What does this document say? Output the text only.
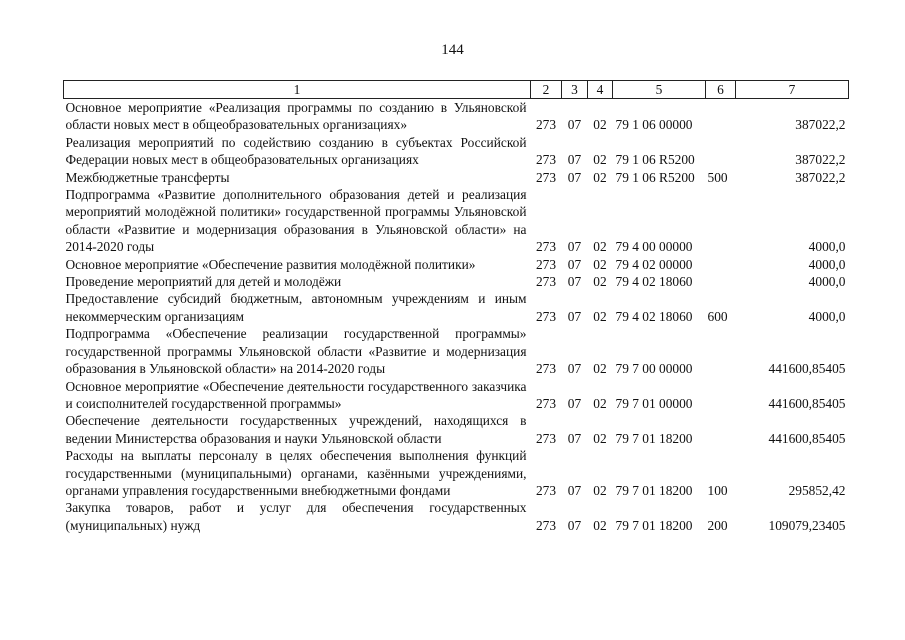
144
1	2	3	4	5	6	7
Основное мероприятие «Реализация программы по созданию в Ульяновской области новых мест в общеобразовательных организациях»	273	07	02	79 1 06 00000		387022,2
Реализация мероприятий по содействию созданию в субъектах Российской Федерации новых мест в общеобразовательных организациях	273	07	02	79 1 06 R5200		387022,2
Межбюджетные трансферты	273	07	02	79 1 06 R5200	500	387022,2
Подпрограмма «Развитие дополнительного образования детей и реализация мероприятий молодёжной политики» государственной программы Ульяновской области «Развитие и модернизация образования в Ульяновской области» на 2014-2020 годы	273	07	02	79 4 00 00000		4000,0
Основное мероприятие «Обеспечение развития молодёжной политики»	273	07	02	79 4 02 00000		4000,0
Проведение мероприятий для детей и молодёжи	273	07	02	79 4 02 18060		4000,0
Предоставление субсидий бюджетным, автономным учреждениям и иным некоммерческим организациям	273	07	02	79 4 02 18060	600	4000,0
Подпрограмма «Обеспечение реализации государственной программы» государственной программы Ульяновской области «Развитие и модернизация образования в Ульяновской области» на 2014-2020 годы	273	07	02	79 7 00 00000		441600,85405
Основное мероприятие «Обеспечение деятельности государственного заказчика и соисполнителей государственной программы»	273	07	02	79 7 01 00000		441600,85405
Обеспечение деятельности государственных учреждений, находящихся в ведении Министерства образования и науки Ульяновской области	273	07	02	79 7 01 18200		441600,85405
Расходы на выплаты персоналу в целях обеспечения выполнения функций государственными (муниципальными) органами, казёнными учреждениями, органами управления государственными внебюджетными фондами	273	07	02	79 7 01 18200	100	295852,42
Закупка товаров, работ и услуг для обеспечения государственных (муниципальных) нужд	273	07	02	79 7 01 18200	200	109079,23405
